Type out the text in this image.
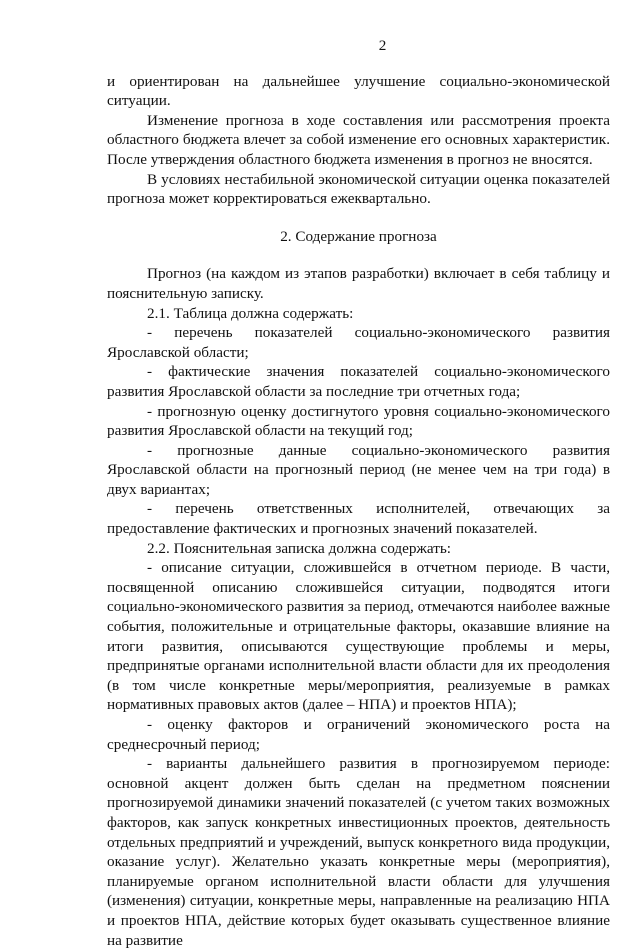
2

и ориентирован на дальнейшее улучшение социально-экономической ситуации.

Изменение прогноза в ходе составления или рассмотрения проекта областного бюджета влечет за собой изменение его основных характеристик. После утверждения областного бюджета изменения в прогноз не вносятся.

В условиях нестабильной экономической ситуации оценка показателей прогноза может корректироваться ежеквартально.

2. Содержание прогноза

Прогноз (на каждом из этапов разработки) включает в себя таблицу и пояснительную записку.

2.1. Таблица должна содержать:

- перечень показателей социально-экономического развития Ярославской области;

- фактические значения показателей социально-экономического развития Ярославской области за последние три отчетных года;

- прогнозную оценку достигнутого уровня социально-экономического развития Ярославской области на текущий год;

- прогнозные данные социально-экономического развития Ярославской области на прогнозный период (не менее чем на три года) в двух вариантах;

- перечень ответственных исполнителей, отвечающих за предоставление фактических и прогнозных значений показателей.

2.2. Пояснительная записка должна содержать:

- описание ситуации, сложившейся в отчетном периоде. В части, посвященной описанию сложившейся ситуации, подводятся итоги социально-экономического развития за период, отмечаются наиболее важные события, положительные и отрицательные факторы, оказавшие влияние на итоги развития, описываются существующие проблемы и меры, предпринятые органами исполнительной власти области для их преодоления (в том числе конкретные меры/мероприятия, реализуемые в рамках нормативных правовых актов (далее – НПА) и проектов НПА);

- оценку факторов и ограничений экономического роста на среднесрочный период;

- варианты дальнейшего развития в прогнозируемом периоде: основной акцент должен быть сделан на предметном пояснении прогнозируемой динамики значений показателей (с учетом таких возможных факторов, как запуск конкретных инвестиционных проектов, деятельность отдельных предприятий и учреждений, выпуск конкретного вида продукции, оказание услуг). Желательно указать конкретные меры (мероприятия), планируемые органом исполнительной власти области для улучшения (изменения) ситуации, конкретные меры, направленные на реализацию НПА и проектов НПА, действие которых будет оказывать существенное влияние на развитие
